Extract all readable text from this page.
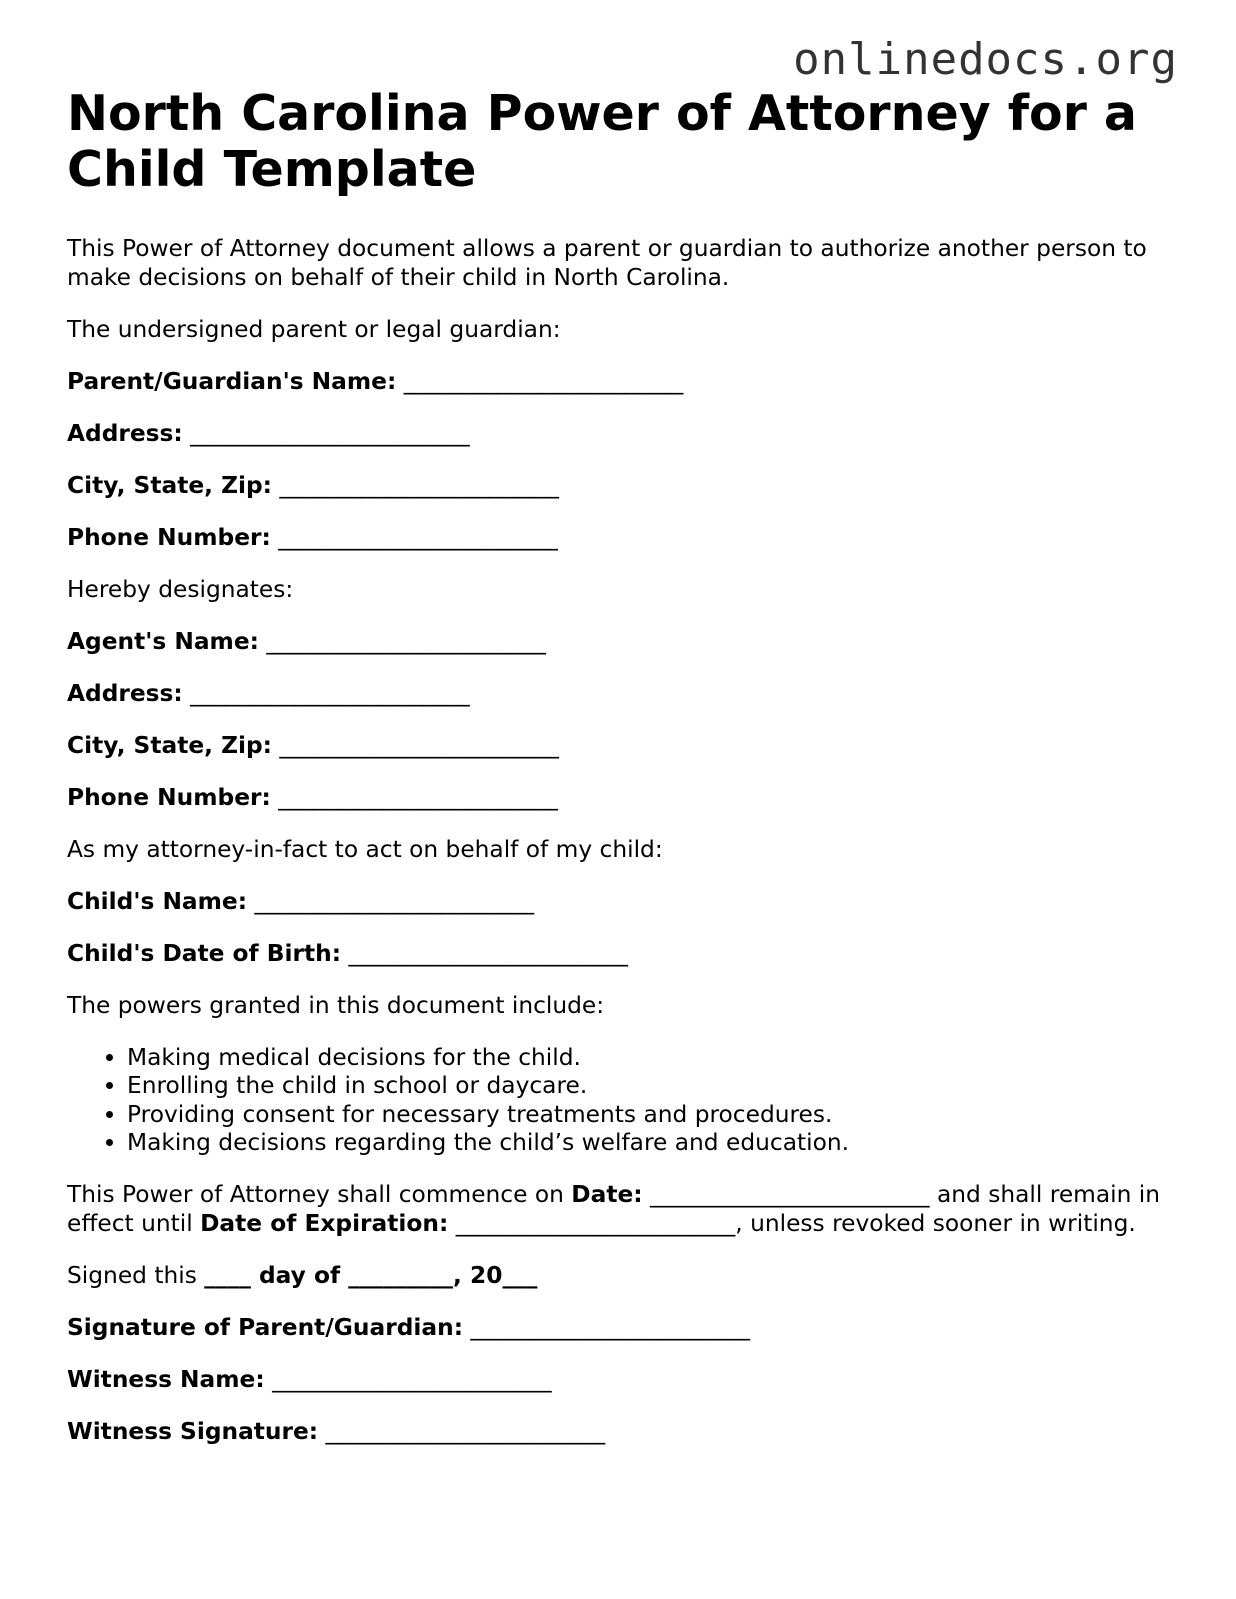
onlinedocs.org
North Carolina Power of Attorney for a Child Template

This Power of Attorney document allows a parent or guardian to authorize another person to make decisions on behalf of their child in North Carolina.

The undersigned parent or legal guardian:

Parent/Guardian's Name: ________________________

Address: ________________________

City, State, Zip: ________________________

Phone Number: ________________________

Hereby designates:

Agent's Name: ________________________

Address: ________________________

City, State, Zip: ________________________

Phone Number: ________________________

As my attorney-in-fact to act on behalf of my child:

Child's Name: ________________________

Child's Date of Birth: ________________________

The powers granted in this document include:

• Making medical decisions for the child.
• Enrolling the child in school or daycare.
• Providing consent for necessary treatments and procedures.
• Making decisions regarding the child’s welfare and education.

This Power of Attorney shall commence on Date: ________________________ and shall remain in effect until Date of Expiration: ________________________, unless revoked sooner in writing.

Signed this ____ day of _________, 20___

Signature of Parent/Guardian: ________________________

Witness Name: ________________________

Witness Signature: ________________________
